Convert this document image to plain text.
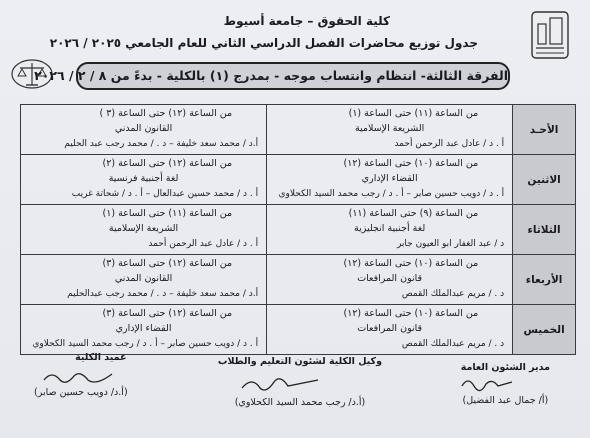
كلية الحقوق – جامعة أسيوط
جدول توزيع محاضرات الفصل الدراسي الثاني للعام الجامعي ٢٠٢٥ / ٢٠٢٦
الفرقة الثالثة- انتظام وانتساب موجه - بمدرج (١) بالكلية - بدءً من ٨ / ٢ / ٢٠٢٦
الأحـد	من الساعة (١١) حتى الساعة (١)
الشريعة الإسلامية
أ . د / عادل عبد الرحمن أحمد	من الساعة (١٢) حتى الساعة (٣ )
القانون المدني
أ.د / محمد سعد خليفة – د . / محمد رجب عبد الحليم

الاثنين	من الساعة (١٠) حتى الساعة (١٢)
القضاء الإداري
أ . د / دويب حسين صابر – أ . د / رجب محمد السيد الكحلاوي	من الساعة (١٢) حتى الساعة (٢)
لغة أجنبية فرنسية
أ . د / محمد حسين عبدالعال – أ . د / شحاتة غريب

الثلاثاء	من الساعة (٩) حتى الساعة (١١)
لغة أجنبية انجليزية
د / عبد الغفار ابو العيون جابر	من الساعة (١١) حتى الساعة (١)
الشريعة الإسلامية
أ . د / عادل عبد الرحمن أحمد

الأربعاء	من الساعة (١٠) حتى الساعة (١٢)
قانون المرافعات
د . / مريم عبدالملك القمص	من الساعة (١٢) حتى الساعة (٣)
القانون المدني
أ.د / محمد سعد خليفة – د . / محمد رجب عبدالحليم

الخميس	من الساعة (١٠) حتى الساعة (١٢)
قانون المرافعات
د . / مريم عبدالملك القمص	من الساعة (١٢) حتى الساعة (٣)
القضاء الإداري
أ . د / دويب حسين صابر – أ . د / رجب محمد السيد الكحلاوي
مدير الشئون العامة
(أ/ جمال عبد الفضيل)
وكيل الكلية لشئون التعليم والطلاب
(أ.د/ رجب محمد السيد الكحلاوي)
عميد الكلية
(أ.د/ دويب حسين صابر)
